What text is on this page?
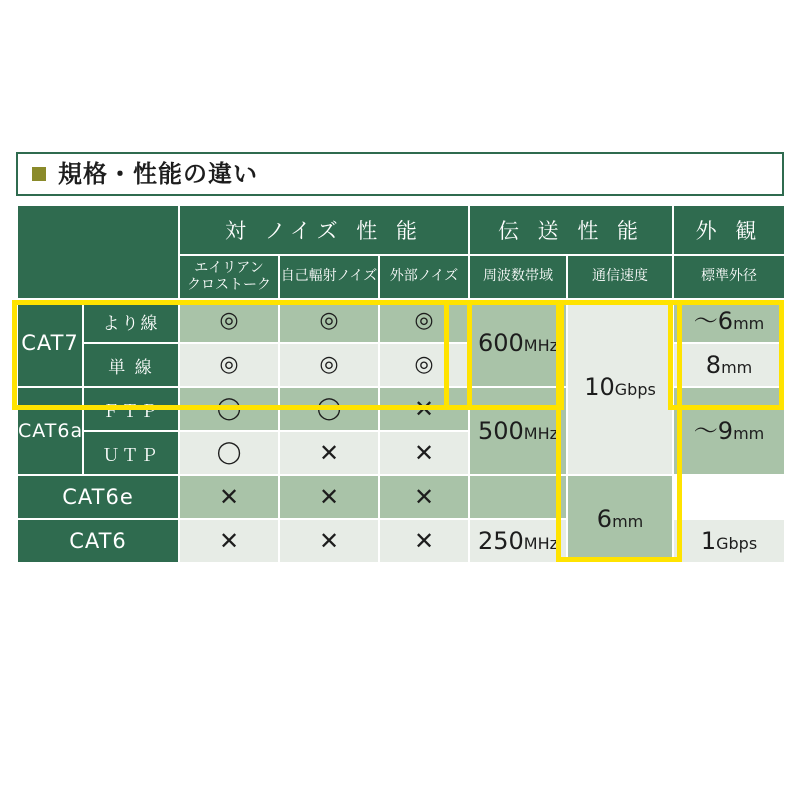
規格・性能の違い
		対 ノイズ 性 能			伝 送 性 能		外 観

		エイリアン
クロストーク	自己輻射ノイズ	外部ノイズ	周波数帯域	通信速度	標準外径
CAT7	より線	◎	◎	◎	600MHz	10Gbps	〜6mm
	単 線	◎	◎	◎			8mm
CAT6a	ＦＴＰ	◯	◯	✕	500MHz		〜9mm
	ＵＴＰ	◯	✕	✕			
CAT6e		✕	✕	✕		6mm	
CAT6		✕	✕	✕	250MHz		1Gbps
